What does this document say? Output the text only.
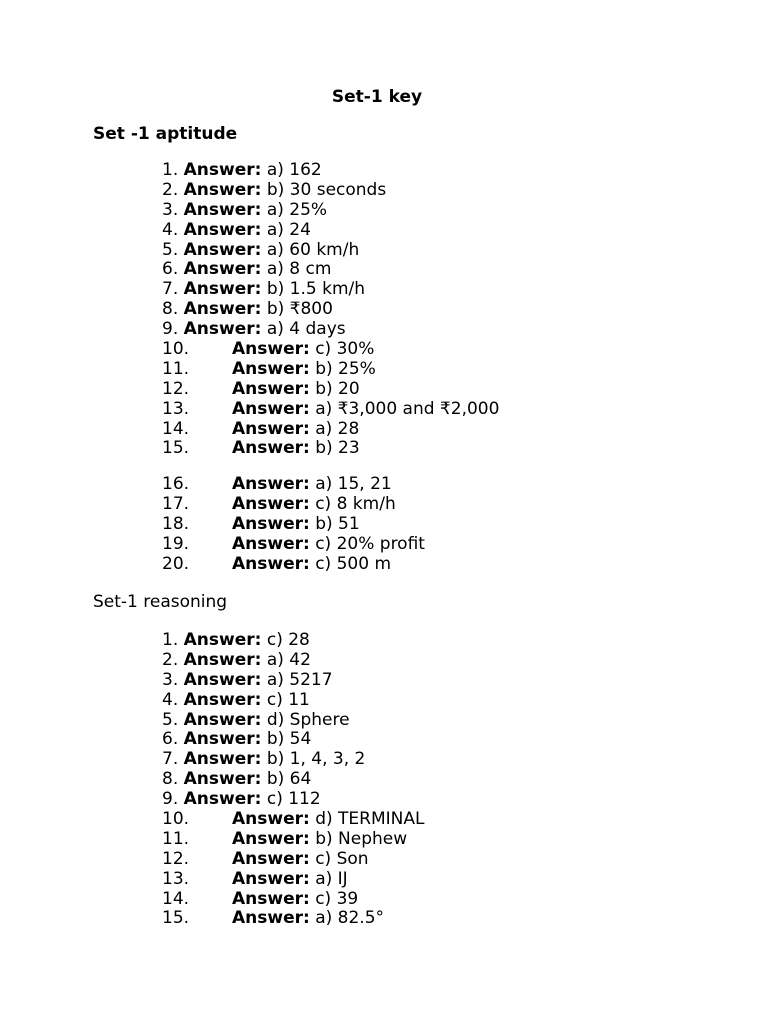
Set-1 key
Set -1 aptitude
1. Answer: a) 162
2. Answer: b) 30 seconds
3. Answer: a) 25%
4. Answer: a) 24
5. Answer: a) 60 km/h
6. Answer: a) 8 cm
7. Answer: b) 1.5 km/h
8. Answer: b) ₹800
9. Answer: a) 4 days
10.	Answer: c) 30%
11.	Answer: b) 25%
12.	Answer: b) 20
13.	Answer: a) ₹3,000 and ₹2,000
14.	Answer: a) 28
15.	Answer: b) 23
16.	Answer: a) 15, 21
17.	Answer: c) 8 km/h
18.	Answer: b) 51
19.	Answer: c) 20% profit
20.	Answer: c) 500 m
Set-1 reasoning
1. Answer: c) 28
2. Answer: a) 42
3. Answer: a) 5217
4. Answer: c) 11
5. Answer: d) Sphere
6. Answer: b) 54
7. Answer: b) 1, 4, 3, 2
8. Answer: b) 64
9. Answer: c) 112
10.	Answer: d) TERMINAL
11.	Answer: b) Nephew
12.	Answer: c) Son
13.	Answer: a) IJ
14.	Answer: c) 39
15.	Answer: a) 82.5°
